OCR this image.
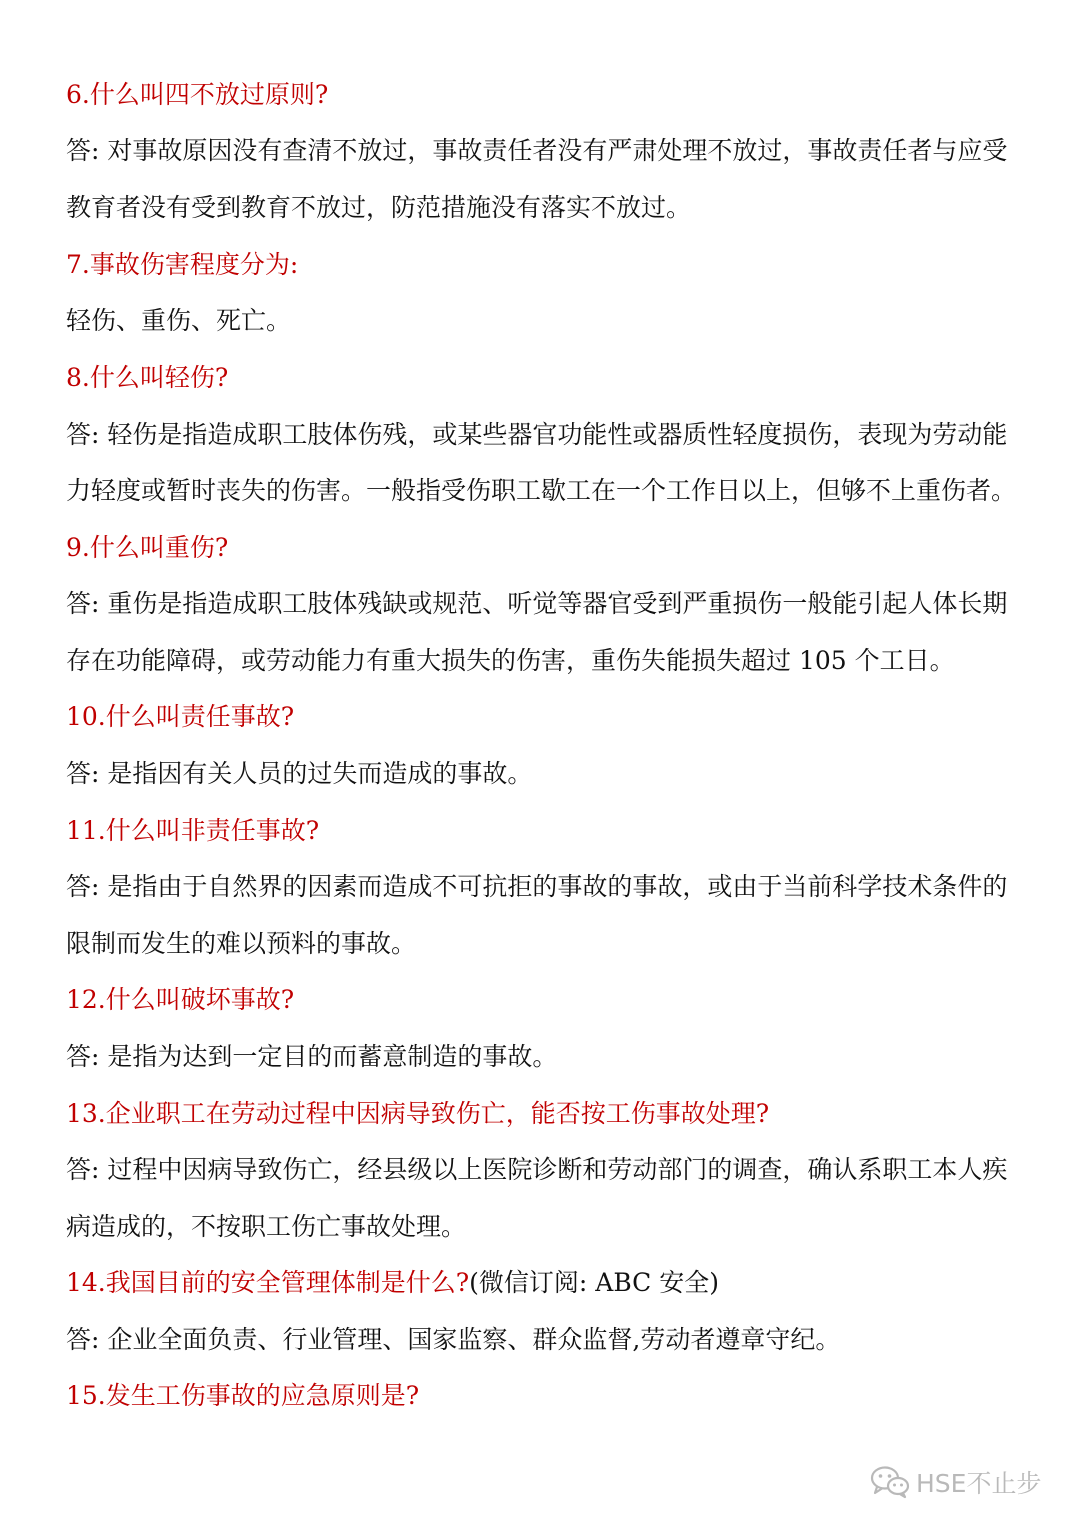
6.什么叫四不放过原则?
答: 对事故原因没有查清不放过，事故责任者没有严肃处理不放过，事故责任者与应受
教育者没有受到教育不放过，防范措施没有落实不放过。
7.事故伤害程度分为:
轻伤、重伤、死亡。
8.什么叫轻伤?
答: 轻伤是指造成职工肢体伤残，或某些器官功能性或器质性轻度损伤，表现为劳动能
力轻度或暂时丧失的伤害。一般指受伤职工歇工在一个工作日以上，但够不上重伤者。
9.什么叫重伤?
答: 重伤是指造成职工肢体残缺或规范、听觉等器官受到严重损伤一般能引起人体长期
存在功能障碍，或劳动能力有重大损失的伤害，重伤失能损失超过 105 个工日。
10.什么叫责任事故?
答: 是指因有关人员的过失而造成的事故。
11.什么叫非责任事故?
答: 是指由于自然界的因素而造成不可抗拒的事故的事故，或由于当前科学技术条件的
限制而发生的难以预料的事故。
12.什么叫破坏事故?
答: 是指为达到一定目的而蓄意制造的事故。
13.企业职工在劳动过程中因病导致伤亡，能否按工伤事故处理?
答: 过程中因病导致伤亡，经县级以上医院诊断和劳动部门的调查，确认系职工本人疾
病造成的，不按职工伤亡事故处理。
14.我国目前的安全管理体制是什么?(微信订阅: ABC 安全)
答: 企业全面负责、行业管理、国家监察、群众监督,劳动者遵章守纪。
15.发生工伤事故的应急原则是?
HSE不止步
